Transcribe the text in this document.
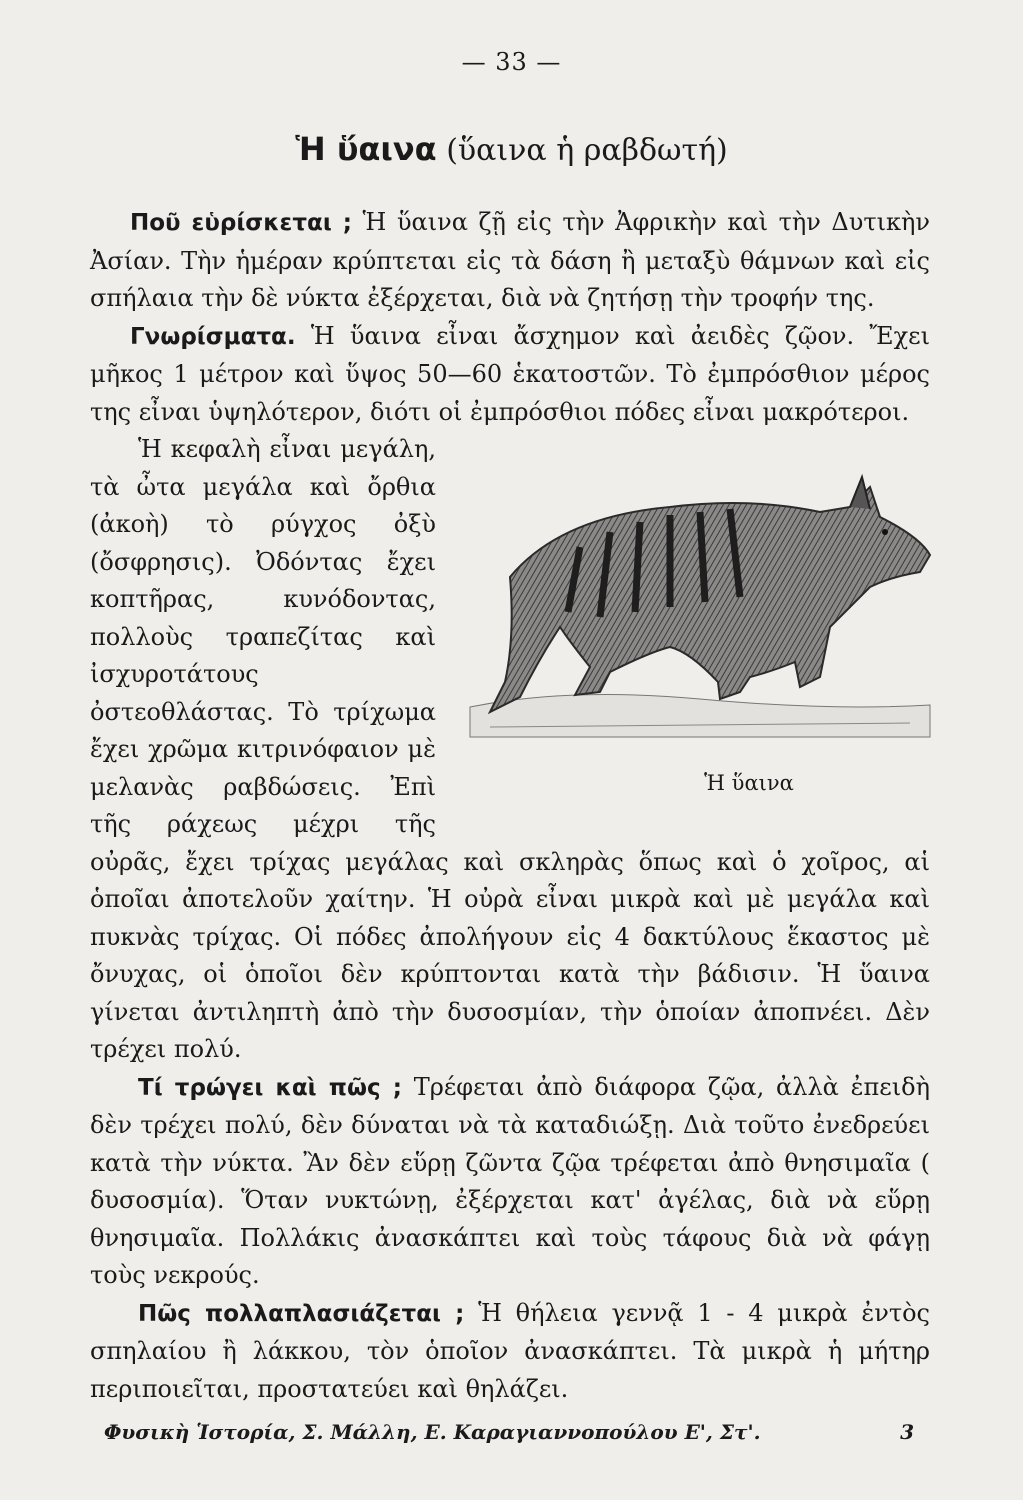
— 33 —
Ἡ ὕαινα (ὕαινα ἡ ραβδωτή)

Ποῦ εὑρίσκεται ; Ἡ ὕαινα ζῇ εἰς τὴν Ἀφρικὴν καὶ τὴν Δυτικὴν Ἀσίαν. Τὴν ἡμέραν κρύπτεται εἰς τὰ δάση ἢ μεταξὺ θάμνων καὶ εἰς σπήλαια τὴν δὲ νύκτα ἐξέρχεται, διὰ νὰ ζητήσῃ τὴν τροφήν της.

Γνωρίσματα. Ἡ ὕαινα εἶναι ἄσχημον καὶ ἀειδὲς ζῷον. Ἔχει μῆκος 1 μέτρον καὶ ὕψος 50—60 ἑκατοστῶν. Τὸ ἐμπρόσθιον μέρος της εἶναι ὑψηλότερον, διότι οἱ ἐμπρόσθιοι πόδες εἶναι μακρότεροι.

Ἡ ὕαινα
Ἡ κεφαλὴ εἶναι μεγάλη, τὰ ὦτα μεγάλα καὶ ὄρθια (ἀκοὴ) τὸ ρύγχος ὀξὺ (ὄσφρησις). Ὀδόντας ἔχει κοπτῆρας, κυνόδοντας, πολλοὺς τραπεζίτας καὶ ἰσχυροτάτους ὀστεοθλάστας. Τὸ τρίχωμα ἔχει χρῶμα κιτρινόφαιον μὲ μελανὰς ραβδώσεις. Ἐπὶ τῆς ράχεως μέχρι τῆς οὐρᾶς, ἔχει τρίχας μεγάλας καὶ σκληρὰς ὅπως καὶ ὁ χοῖρος, αἱ ὁποῖαι ἀποτελοῦν χαίτην. Ἡ οὐρὰ εἶναι μικρὰ καὶ μὲ μεγάλα καὶ πυκνὰς τρίχας. Οἱ πόδες ἀπολήγουν εἰς 4 δακτύλους ἕκαστος μὲ ὄνυχας, οἱ ὁποῖοι δὲν κρύπτονται κατὰ τὴν βάδισιν. Ἡ ὕαινα γίνεται ἀντιληπτὴ ἀπὸ τὴν δυσοσμίαν, τὴν ὁποίαν ἀποπνέει. Δὲν τρέχει πολύ.

Τί τρώγει καὶ πῶς ; Τρέφεται ἀπὸ διάφορα ζῷα, ἀλλὰ ἐπειδὴ δὲν τρέχει πολύ, δὲν δύναται νὰ τὰ καταδιώξῃ. Διὰ τοῦτο ἐνεδρεύει κατὰ τὴν νύκτα. Ἂν δὲν εὕρῃ ζῶντα ζῷα τρέφεται ἀπὸ θνησιμαῖα ( δυσοσμία). Ὅταν νυκτώνῃ, ἐξέρχεται κατ' ἀγέλας, διὰ νὰ εὕρῃ θνησιμαῖα. Πολλάκις ἀνασκάπτει καὶ τοὺς τάφους διὰ νὰ φάγῃ τοὺς νεκρούς.

Πῶς πολλαπλασιάζεται ; Ἡ θήλεια γεννᾷ 1 - 4 μικρὰ ἐντὸς σπηλαίου ἢ λάκκου, τὸν ὁποῖον ἀνασκάπτει. Τὰ μικρὰ ἡ μήτηρ περιποιεῖται, προστατεύει καὶ θηλάζει.

Φυσικὴ Ἱστορία, Σ. Μάλλη, Ε. Καραγιαννοπούλου Ε', Στ'.	3
